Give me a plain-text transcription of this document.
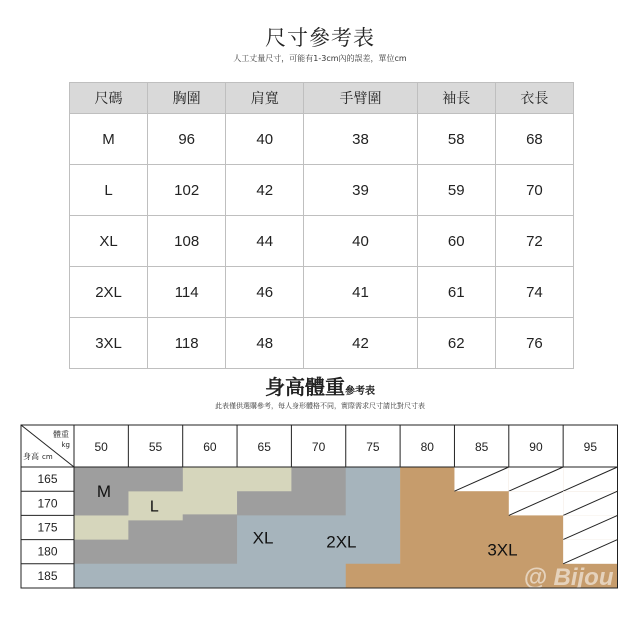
尺寸參考表
人工丈量尺寸，可能有1-3cm內的誤差，單位cm
尺碼	胸圍	肩寬	手臂圍	袖長	衣長
M	96	40	38	58	68
L	102	42	39	59	70
XL	108	44	40	60	72
2XL	114	46	41	61	74
3XL	118	48	42	62	76
身高體重參考表
此表僅供選購參考，每人身形體格不同，實際需求尺寸請比對尺寸表
@ Bijou
體重
kg
身高 cm
50	55	60	65	70	75	80	85	90	95
165
170
175
180
185
M
L
XL	2XL	3XL
